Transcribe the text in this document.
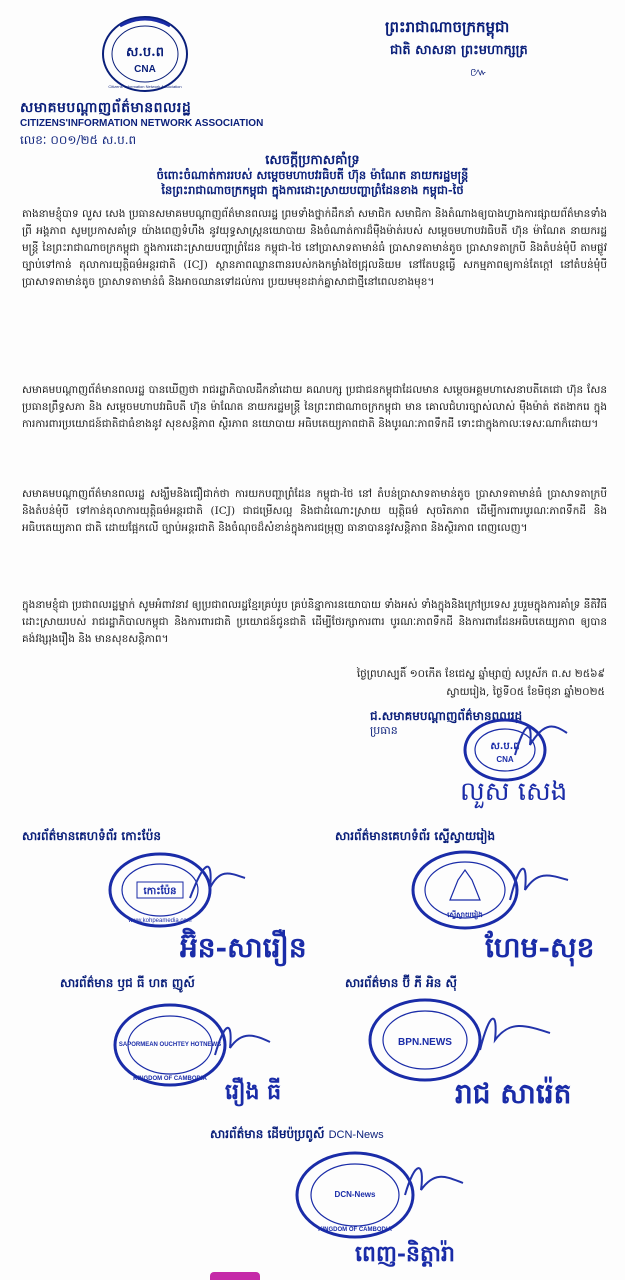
ស.ប.ព
CNA
Citizens' Information Network Association
សមាគមបណ្តាញព័ត៌មានពលរដ្ឋ
CITIZENS'INFORMATION NETWORK ASSOCIATION
លេខៈ ០០១/២៥ ស.ប.ព
ព្រះរាជាណាចក្រកម្ពុជា
ជាតិ សាសនា ព្រះមហាក្សត្រ
៚
សេចក្តីប្រកាសគាំទ្រ
ចំពោះចំណាត់ការរបស់ សម្តេចមហាបវរធិបតី ហ៊ុន ម៉ាណែត នាយករដ្ឋមន្ត្រី
នៃព្រះរាជាណាចក្រកម្ពុជា ក្នុងការដោះស្រាយបញ្ហាព្រំដែនខាង កម្ពុជា-ថៃ
តាងនាមខ្ញុំបាទ លួស សេង ប្រធានសមាគមបណ្តាញព័ត៌មានពលរដ្ឋ ព្រមទាំងថ្នាក់ដឹកនាំ សមាជិក សមាជិកា និងតំណាងឲ្យបាងហ្វាងការផ្សាយព័ត៌មានទាំង ព្រី អង្គភាព សូមប្រកាសគាំទ្រ យ៉ាងពេញទំហឹង នូវយុទ្ធសាស្ត្រនយោបាយ និងចំណាត់ការដ៏ម៉ឺងម៉ាត់របស់ សម្តេចមហាបវរធិបតី ហ៊ុន ម៉ាណែត នាយករដ្ឋមន្ត្រី នៃព្រះរាជាណាចក្រកម្ពុជា ក្នុងការដោះស្រាយបញ្ហាព្រំដែន កម្ពុជា-ថៃ នៅប្រាសាទតាមាន់ធំ ប្រាសាទតាមាន់តូច ប្រាសាទតាក្របី និងតំបន់មុំបី តាមផ្លូវច្បាប់ទៅកាន់ តុលាការយុត្តិធម៌អន្តរជាតិ (ICJ) ស្ថានភាពឈ្លានពានរបស់កងកម្លាំងថៃជ្រុលនិយម នៅតែបន្តធ្វើ សកម្មភាពឲ្យកាន់តែក្តៅ នៅតំបន់មុំបី ប្រាសាទតាមាន់តូច ប្រាសាទតាមាន់ធំ និងអាចឈានទៅដល់ការ ប្រយមមុខដាក់គ្នាសាជាថ្មីនៅពេលខាងមុខ។
សមាគមបណ្តាញព័ត៌មានពលរដ្ឋ បានឃើញថា រាជរដ្ឋាភិបាលដឹកនាំដោយ គណបក្ស ប្រជាជនកម្ពុជាដែលមាន សម្តេចអគ្គមហាសេនាបតីតេជោ ហ៊ុន សែន ប្រធានព្រឹទ្ធសភា និង សម្តេចមហាបវរធិបតី ហ៊ុន ម៉ាណែត នាយករដ្ឋមន្ត្រី នៃព្រះរាជាណាចក្រកម្ពុជា មាន គោលជំហរច្បាស់លាស់ ម៉ឺងម៉ាត់ ឥតងាករេ ក្នុងការការពារប្រយោជន៍ជាតិជាធំខាងនូវ សុខសន្តិភាព ស្ថិរភាព នយោបាយ អធិបតេយ្យភាពជាតិ និងបូរណៈភាពទឹកដី ទោះជាក្នុងកាលៈទេសៈណាក៏ដោយ។
សមាគមបណ្តាញព័ត៌មានពលរដ្ឋ សង្ឃឹមនិងជឿជាក់ថា ការយកបញ្ហាព្រំដែន កម្ពុជា-ថៃ នៅ តំបន់ប្រាសាទតាមាន់តូច ប្រាសាទតាមាន់ធំ ប្រាសាទតាក្របី និងតំបន់មុំបី ទៅកាន់តុលាការយុត្តិធម៌អន្តរជាតិ (ICJ) ជាជម្រើសល្អ និងជាដំណោះស្រាយ យុត្តិធម៌ សុចរិតភាព ដើម្បីការពារបូរណៈភាពទឹកដី និងអធិបតេយ្យភាព ជាតិ ដោយផ្អែកលើ ច្បាប់អន្តរជាតិ និងចំណុចដ៏សំខាន់ក្នុងការជម្រុញ ធានាបាននូវសន្តិភាព និងស្ថិរភាព ពេញលេញ។
ក្នុងនាមខ្ញុំជា ប្រជាពលរដ្ឋម្នាក់ សូមអំពាវនាវ ឲ្យប្រជាពលរដ្ឋខ្មែរគ្រប់រូប គ្រប់និន្នាការនយោបាយ ទាំងអស់ ទាំងក្នុងនិងក្រៅប្រទេស រួបរួមក្នុងការគាំទ្រ នីតិវិធីដោះស្រាយរបស់ រាជរដ្ឋាភិបាលកម្ពុជា និងការពារជាតិ ប្រយោជន៍ជូនជាតិ ដើម្បីថែរក្សាការពារ បូរណៈភាពទឹកដី និងការពារដែនអធិបតេយ្យភាព ឲ្យបានគង់វង្សរុងរឿង និង មានសុខសន្តិភាព។
ថ្ងៃព្រហស្បតិ៍ ១០កើត ខែជេស្ឋ ឆ្នាំម្សាញ់ សប្តស័ក ព.ស ២៥៦៩
ស្វាយរៀង, ថ្ងៃទី០៥ ខែមិថុនា ឆ្នាំ២០២៥
ជ.សមាគមបណ្តាញព័ត៌មានពលរដ្ឋ
ប្រធាន
ស.ប.ព
CNA
លួស សេង
សារព័ត៌មានគេហទំព័រ កោះប៉ែន
កោះប៉ែន
www.kohpeamedia.com
អ៊ិន-សារឿន
សារព័ត៌មានគេហទំព័រ ស្ទើស្វាយរៀង
ស្ទើស្វាយរៀង
ហែម-សុខ
សារព័ត៌មាន ឫជ ធី ហត ញូស៍
SAPORMEAN OUCHTEY HOTNEWS
KINGDOM OF CAMBODIA រឿង ធី
សារព័ត៌មាន ប៊ី ភី អិន ស៊ី
BPN.NEWS
រាជ សារ៉េត
សារព័ត៌មាន ដើមប៉ប្រពូស៍ DCN-News
DCN-News
KINGDOM OF CAMBODIA
ពេញ-និត្តារ៉ា
